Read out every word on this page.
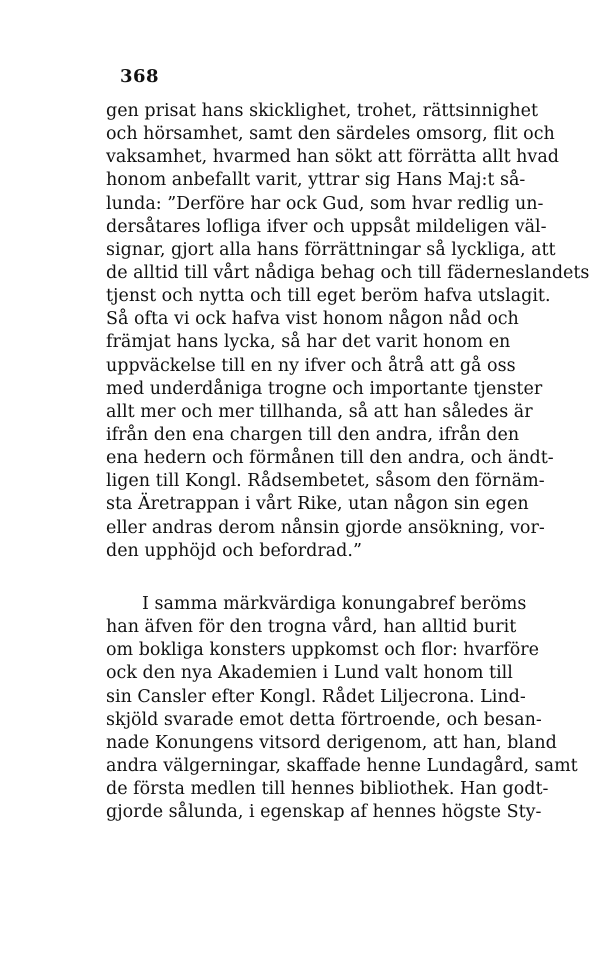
368
gen prisat hans skicklighet, trohet, rättsinnighet
och hörsamhet, samt den särdeles omsorg, flit och
vaksamhet, hvarmed han sökt att förrätta allt hvad
honom anbefallt varit, yttrar sig Hans Maj:t så-
lunda: ”Derföre har ock Gud, som hvar redlig un-
dersåtares lofliga ifver och uppsåt mildeligen väl-
signar, gjort alla hans förrättningar så lyckliga, att
de alltid till vårt nådiga behag och till fäderneslandets
tjenst och nytta och till eget beröm hafva utslagit.
Så ofta vi ock hafva vist honom någon nåd och
främjat hans lycka, så har det varit honom en
uppväckelse till en ny ifver och åtrå att gå oss
med underdåniga trogne och importante tjenster
allt mer och mer tillhanda, så att han således är
ifrån den ena chargen till den andra, ifrån den
ena hedern och förmånen till den andra, och ändt-
ligen till Kongl. Rådsembetet, såsom den förnäm-
sta Äretrappan i vårt Rike, utan någon sin egen
eller andras derom nånsin gjorde ansökning, vor-
den upphöjd och befordrad.”
I samma märkvärdiga konungabref beröms
han äfven för den trogna vård, han alltid burit
om bokliga konsters uppkomst och flor: hvarföre
ock den nya Akademien i Lund valt honom till
sin Cansler efter Kongl. Rådet Liljecrona. Lind-
skjöld svarade emot detta förtroende, och besan-
nade Konungens vitsord derigenom, att han, bland
andra välgerningar, skaffade henne Lundagård, samt
de första medlen till hennes bibliothek. Han godt-
gjorde sålunda, i egenskap af hennes högste Sty-
